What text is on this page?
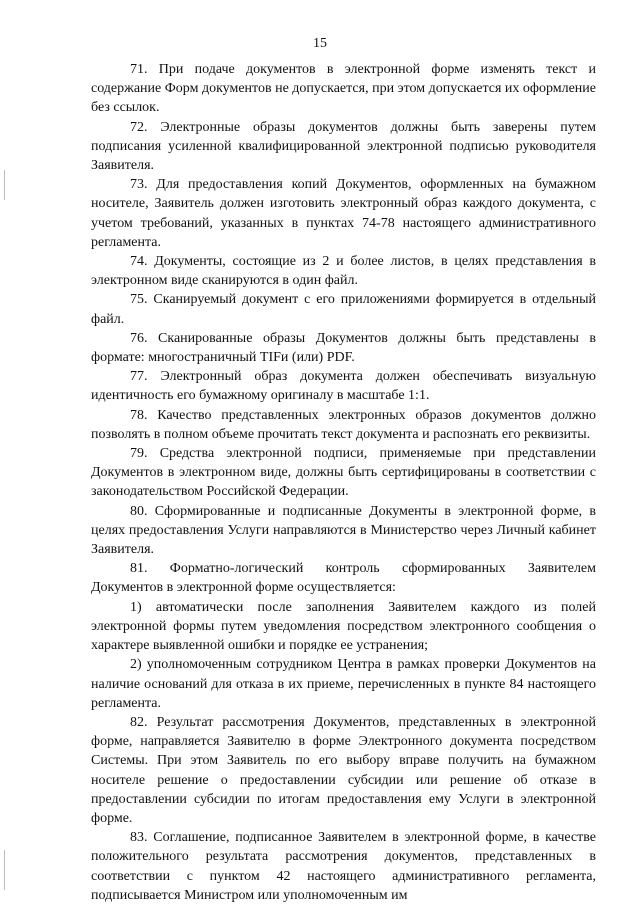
15

71. При подаче документов в электронной форме изменять текст и содержание Форм документов не допускается, при этом допускается их оформление без ссылок.

72. Электронные образы документов должны быть заверены путем подписания усиленной квалифицированной электронной подписью руководителя Заявителя.

73. Для предоставления копий Документов, оформленных на бумажном носителе, Заявитель должен изготовить электронный образ каждого документа, с учетом требований, указанных в пунктах 74-78 настоящего административного регламента.

74. Документы, состоящие из 2 и более листов, в целях представления в электронном виде сканируются в один файл.

75. Сканируемый документ с его приложениями формируется в отдельный файл.

76. Сканированные образы Документов должны быть представлены в формате: многостраничный TIFи (или) PDF.

77. Электронный образ документа должен обеспечивать визуальную идентичность его бумажному оригиналу в масштабе 1:1.

78. Качество представленных электронных образов документов должно позволять в полном объеме прочитать текст документа и распознать его реквизиты.

79. Средства электронной подписи, применяемые при представлении Документов в электронном виде, должны быть сертифицированы в соответствии с законодательством Российской Федерации.

80. Сформированные и подписанные Документы в электронной форме, в целях предоставления Услуги направляются в Министерство через Личный кабинет Заявителя.

81. Форматно-логический контроль сформированных Заявителем Документов в электронной форме осуществляется:

1) автоматически после заполнения Заявителем каждого из полей электронной формы путем уведомления посредством электронного сообщения о характере выявленной ошибки и порядке ее устранения;

2) уполномоченным сотрудником Центра в рамках проверки Документов на наличие оснований для отказа в их приеме, перечисленных в пункте 84 настоящего регламента.

82. Результат рассмотрения Документов, представленных в электронной форме, направляется Заявителю в форме Электронного документа посредством Системы. При этом Заявитель по его выбору вправе получить на бумажном носителе решение о предоставлении субсидии или решение об отказе в предоставлении субсидии по итогам предоставления ему Услуги в электронной форме.

83. Соглашение, подписанное Заявителем в электронной форме, в качестве положительного результата рассмотрения документов, представленных в соответствии с пунктом 42 настоящего административного регламента, подписывается Министром или уполномоченным им
